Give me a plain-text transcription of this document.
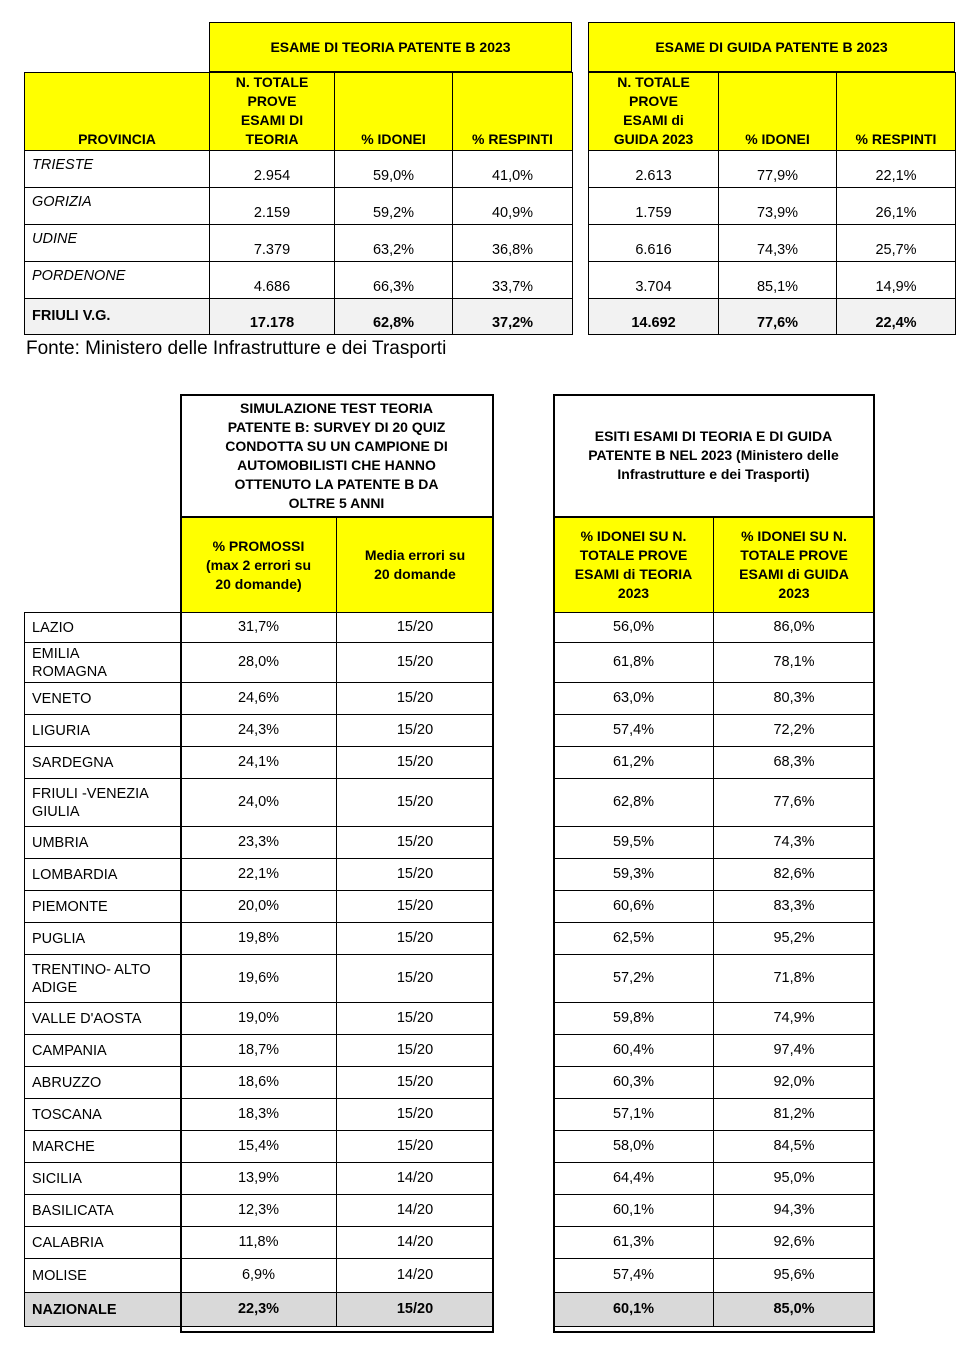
ESAME DI TEORIA PATENTE B 2023	ESAME DI GUIDA PATENTE B 2023
PROVINCIA	N. TOTALE
PROVE
ESAMI DI
TEORIA	% IDONEI	% RESPINTI
TRIESTE	2.954	59,0%	41,0%
GORIZIA	2.159	59,2%	40,9%
UDINE	7.379	63,2%	36,8%
PORDENONE	4.686	66,3%	33,7%
FRIULI V.G.	17.178	62,8%	37,2%
N. TOTALE
PROVE
ESAMI di
GUIDA 2023	% IDONEI	% RESPINTI
2.613	77,9%	22,1%
1.759	73,9%	26,1%
6.616	74,3%	25,7%
3.704	85,1%	14,9%
14.692	77,6%	22,4%
Fonte: Ministero delle Infrastrutture e dei Trasporti
SIMULAZIONE TEST TEORIA
PATENTE B: SURVEY DI 20 QUIZ
CONDOTTA SU UN CAMPIONE DI
AUTOMOBILISTI CHE HANNO
OTTENUTO LA PATENTE B DA
OLTRE 5 ANNI
ESITI ESAMI DI TEORIA E DI GUIDA
PATENTE B NEL 2023 (Ministero delle
Infrastrutture e dei Trasporti)
	% PROMOSSI
(max 2 errori su
20 domande)	Media errori su
20 domande
LAZIO	31,7%	15/20
EMILIA
ROMAGNA	28,0%	15/20
VENETO	24,6%	15/20
LIGURIA	24,3%	15/20
SARDEGNA	24,1%	15/20
FRIULI -VENEZIA
GIULIA	24,0%	15/20
UMBRIA	23,3%	15/20
LOMBARDIA	22,1%	15/20
PIEMONTE	20,0%	15/20
PUGLIA	19,8%	15/20
TRENTINO- ALTO
ADIGE	19,6%	15/20
VALLE D'AOSTA	19,0%	15/20
CAMPANIA	18,7%	15/20
ABRUZZO	18,6%	15/20
TOSCANA	18,3%	15/20
MARCHE	15,4%	15/20
SICILIA	13,9%	14/20
BASILICATA	12,3%	14/20
CALABRIA	11,8%	14/20
MOLISE	6,9%	14/20
NAZIONALE	22,3%	15/20
% IDONEI SU N.
TOTALE PROVE
ESAMI di TEORIA
2023	% IDONEI SU N.
TOTALE PROVE
ESAMI di GUIDA
2023
56,0%	86,0%
61,8%	78,1%
63,0%	80,3%
57,4%	72,2%
61,2%	68,3%
62,8%	77,6%
59,5%	74,3%
59,3%	82,6%
60,6%	83,3%
62,5%	95,2%
57,2%	71,8%
59,8%	74,9%
60,4%	97,4%
60,3%	92,0%
57,1%	81,2%
58,0%	84,5%
64,4%	95,0%
60,1%	94,3%
61,3%	92,6%
57,4%	95,6%
60,1%	85,0%
